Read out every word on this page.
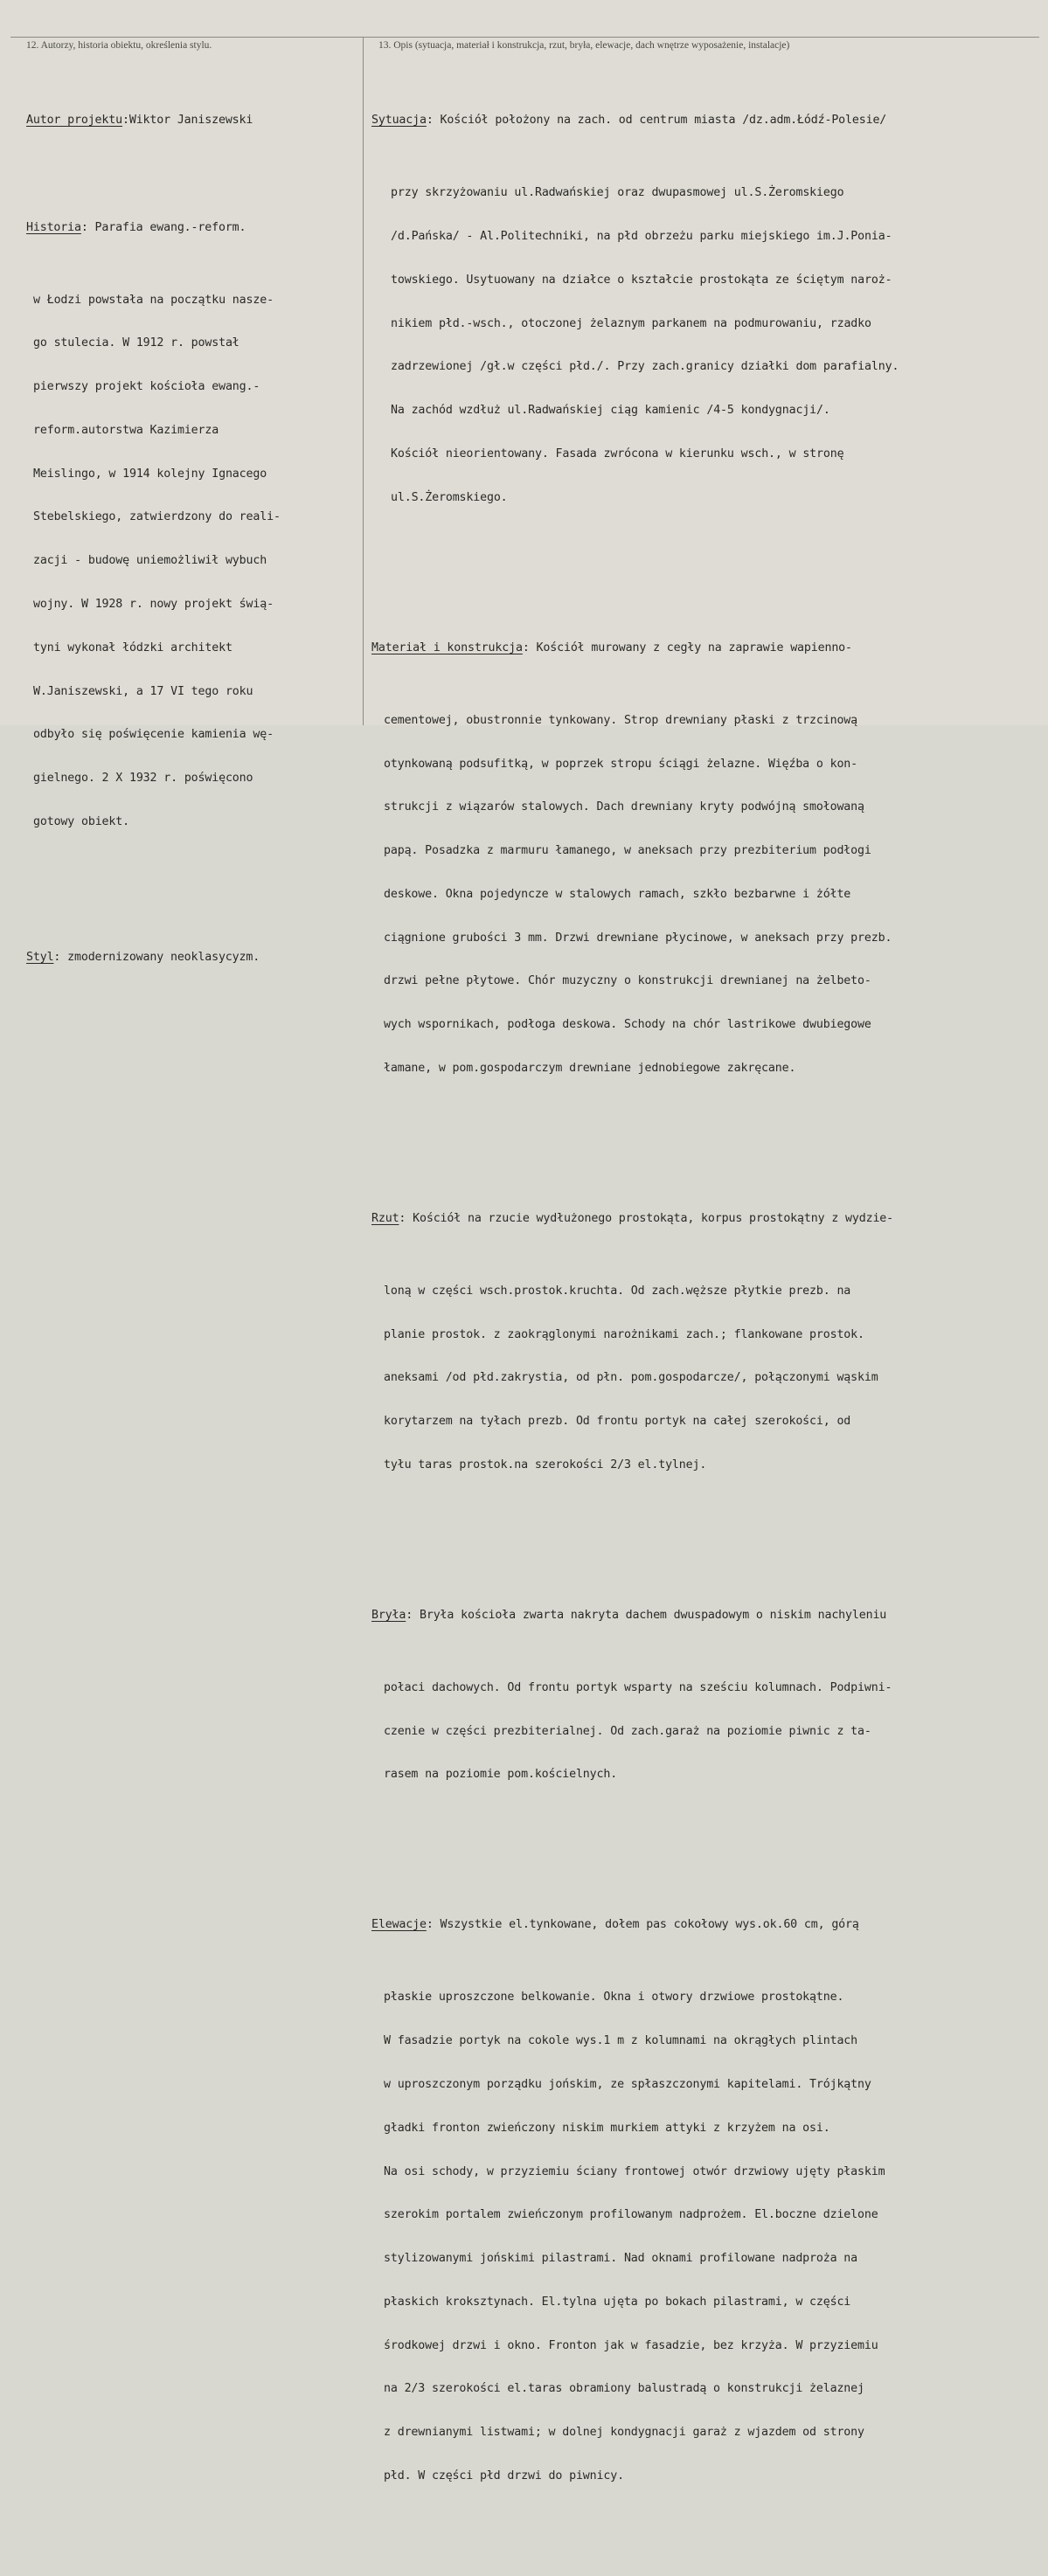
12. Autorzy, historia obiektu, określenia stylu.	13. Opis (sytuacja, materiał i konstrukcja, rzut, bryła, elewacje, dach wnętrze wyposażenie, instalacje)

Autor projektu:Wiktor Janiszewski

Historia: Parafia ewang.-reform.

w Łodzi powstała na początku nasze-

go stulecia. W 1912 r. powstał

pierwszy projekt kościoła ewang.-

reform.autorstwa Kazimierza

Meislingo, w 1914 kolejny Ignacego

Stebelskiego, zatwierdzony do reali-

zacji - budowę uniemożliwił wybuch

wojny. W 1928 r. nowy projekt świą-

tyni wykonał łódzki architekt

W.Janiszewski, a 17 VI tego roku

odbyło się poświęcenie kamienia wę-

gielnego. 2 X 1932 r. poświęcono

gotowy obiekt.

Styl: zmodernizowany neoklasycyzm.

Sytuacja: Kościół położony na zach. od centrum miasta /dz.adm.Łódź-Polesie/

przy skrzyżowaniu ul.Radwańskiej oraz dwupasmowej ul.S.Żeromskiego

/d.Pańska/ - Al.Politechniki, na płd obrzeżu parku miejskiego im.J.Ponia-

towskiego. Usytuowany na działce o kształcie prostokąta ze ściętym naroż-

nikiem płd.-wsch., otoczonej żelaznym parkanem na podmurowaniu, rzadko

zadrzewionej /gł.w części płd./. Przy zach.granicy działki dom parafialny.

Na zachód wzdłuż ul.Radwańskiej ciąg kamienic /4-5 kondygnacji/.

Kościół nieorientowany. Fasada zwrócona w kierunku wsch., w stronę

ul.S.Żeromskiego.

Materiał i konstrukcja: Kościół murowany z cegły na zaprawie wapienno-

cementowej, obustronnie tynkowany. Strop drewniany płaski z trzcinową

otynkowaną podsufitką, w poprzek stropu ściągi żelazne. Więźba o kon-

strukcji z wiązarów stalowych. Dach drewniany kryty podwójną smołowaną

papą. Posadzka z marmuru łamanego, w aneksach przy prezbiterium podłogi

deskowe. Okna pojedyncze w stalowych ramach, szkło bezbarwne i żółte

ciągnione grubości 3 mm. Drzwi drewniane płycinowe, w aneksach przy prezb.

drzwi pełne płytowe. Chór muzyczny o konstrukcji drewnianej na żelbeto-

wych wspornikach, podłoga deskowa. Schody na chór lastrikowe dwubiegowe

łamane, w pom.gospodarczym drewniane jednobiegowe zakręcane.

Rzut: Kościół na rzucie wydłużonego prostokąta, korpus prostokątny z wydzie-

loną w części wsch.prostok.kruchta. Od zach.węższe płytkie prezb. na

planie prostok. z zaokrąglonymi narożnikami zach.; flankowane prostok.

aneksami /od płd.zakrystia, od płn. pom.gospodarcze/, połączonymi wąskim

korytarzem na tyłach prezb. Od frontu portyk na całej szerokości, od

tyłu taras prostok.na szerokości 2/3 el.tylnej.

Bryła: Bryła kościoła zwarta nakryta dachem dwuspadowym o niskim nachyleniu

połaci dachowych. Od frontu portyk wsparty na sześciu kolumnach. Podpiwni-

czenie w części prezbiterialnej. Od zach.garaż na poziomie piwnic z ta-

rasem na poziomie pom.kościelnych.

Elewacje: Wszystkie el.tynkowane, dołem pas cokołowy wys.ok.60 cm, górą

płaskie uproszczone belkowanie. Okna i otwory drzwiowe prostokątne.

W fasadzie portyk na cokole wys.1 m z kolumnami na okrągłych plintach

w uproszczonym porządku jońskim, ze spłaszczonymi kapitelami. Trójkątny

gładki fronton zwieńczony niskim murkiem attyki z krzyżem na osi.

Na osi schody, w przyziemiu ściany frontowej otwór drzwiowy ujęty płaskim

szerokim portalem zwieńczonym profilowanym nadprożem. El.boczne dzielone

stylizowanymi jońskimi pilastrami. Nad oknami profilowane nadproża na

płaskich kroksztynach. El.tylna ujęta po bokach pilastrami, w części

środkowej drzwi i okno. Fronton jak w fasadzie, bez krzyża. W przyziemiu

na 2/3 szerokości el.taras obramiony balustradą o konstrukcji żelaznej

z drewnianymi listwami; w dolnej kondygnacji garaż z wjazdem od strony

płd. W części płd drzwi do piwnicy.
